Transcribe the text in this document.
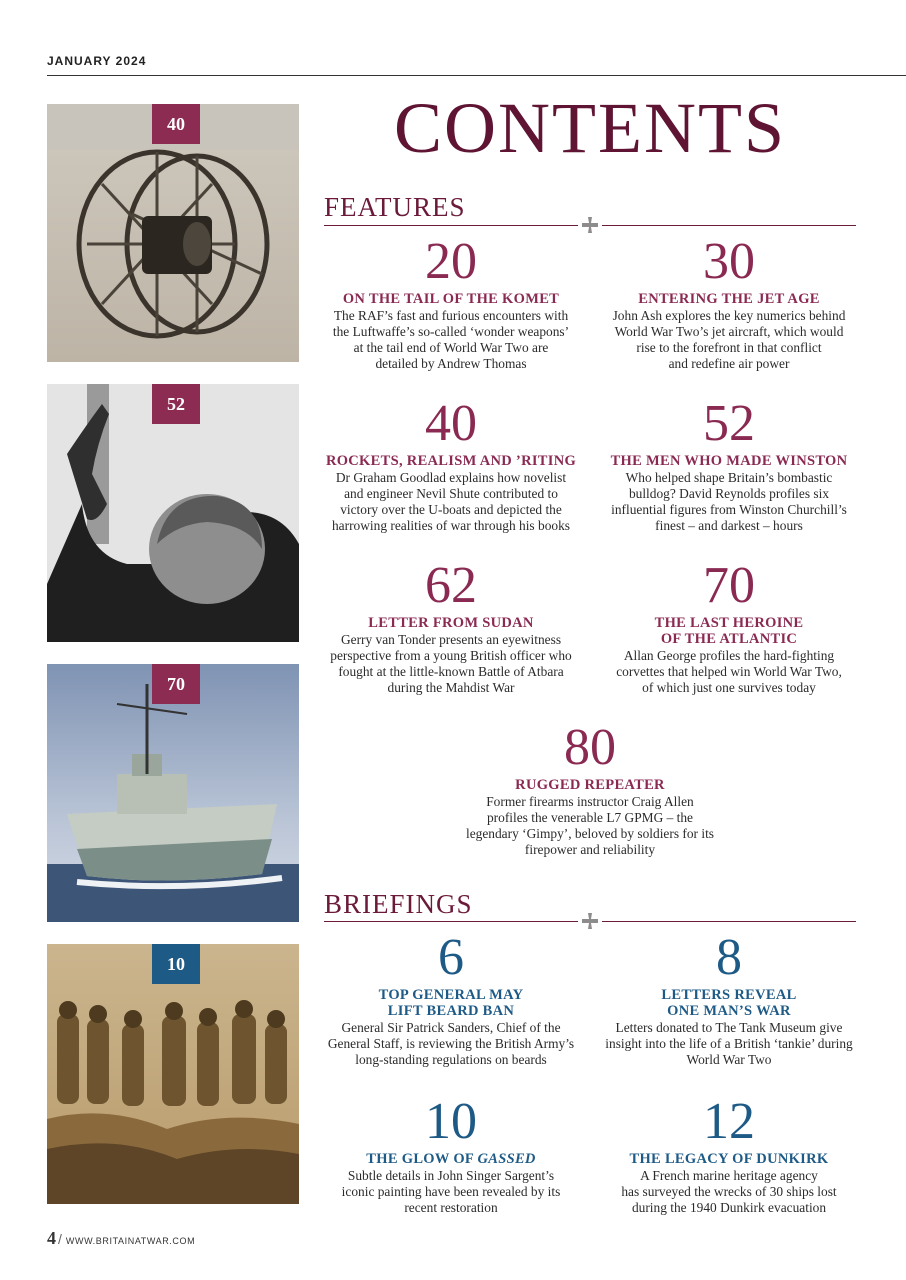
JANUARY 2024
40
52
70
10
CONTENTS
FEATURES
20
ON THE TAIL OF THE KOMET
The RAF’s fast and furious encounters with
the Luftwaffe’s so-called ‘wonder weapons’
at the tail end of World War Two are
detailed by Andrew Thomas
30
ENTERING THE JET AGE
John Ash explores the key numerics behind
World War Two’s jet aircraft, which would
rise to the forefront in that conflict
and redefine air power
40
ROCKETS, REALISM AND ’RITING
Dr Graham Goodlad explains how novelist
and engineer Nevil Shute contributed to
victory over the U-boats and depicted the
harrowing realities of war through his books
52
THE MEN WHO MADE WINSTON
Who helped shape Britain’s bombastic
bulldog? David Reynolds profiles six
influential figures from Winston Churchill’s
finest – and darkest – hours
62
LETTER FROM SUDAN
Gerry van Tonder presents an eyewitness
perspective from a young British officer who
fought at the little-known Battle of Atbara
during the Mahdist War
70
THE LAST HEROINE
OF THE ATLANTIC
Allan George profiles the hard-fighting
corvettes that helped win World War Two,
of which just one survives today
80
RUGGED REPEATER
Former firearms instructor Craig Allen
profiles the venerable L7 GPMG – the
legendary ‘Gimpy’, beloved by soldiers for its
firepower and reliability
BRIEFINGS
6
TOP GENERAL MAY
LIFT BEARD BAN
General Sir Patrick Sanders, Chief of the
General Staff, is reviewing the British Army’s
long-standing regulations on beards
8
LETTERS REVEAL
ONE MAN’S WAR
Letters donated to The Tank Museum give
insight into the life of a British ‘tankie’ during
World War Two
10
THE GLOW OF GASSED
Subtle details in John Singer Sargent’s
iconic painting have been revealed by its
recent restoration
12
THE LEGACY OF DUNKIRK
A French marine heritage agency
has surveyed the wrecks of 30 ships lost
during the 1940 Dunkirk evacuation
4 / WWW.BRITAINATWAR.COM
